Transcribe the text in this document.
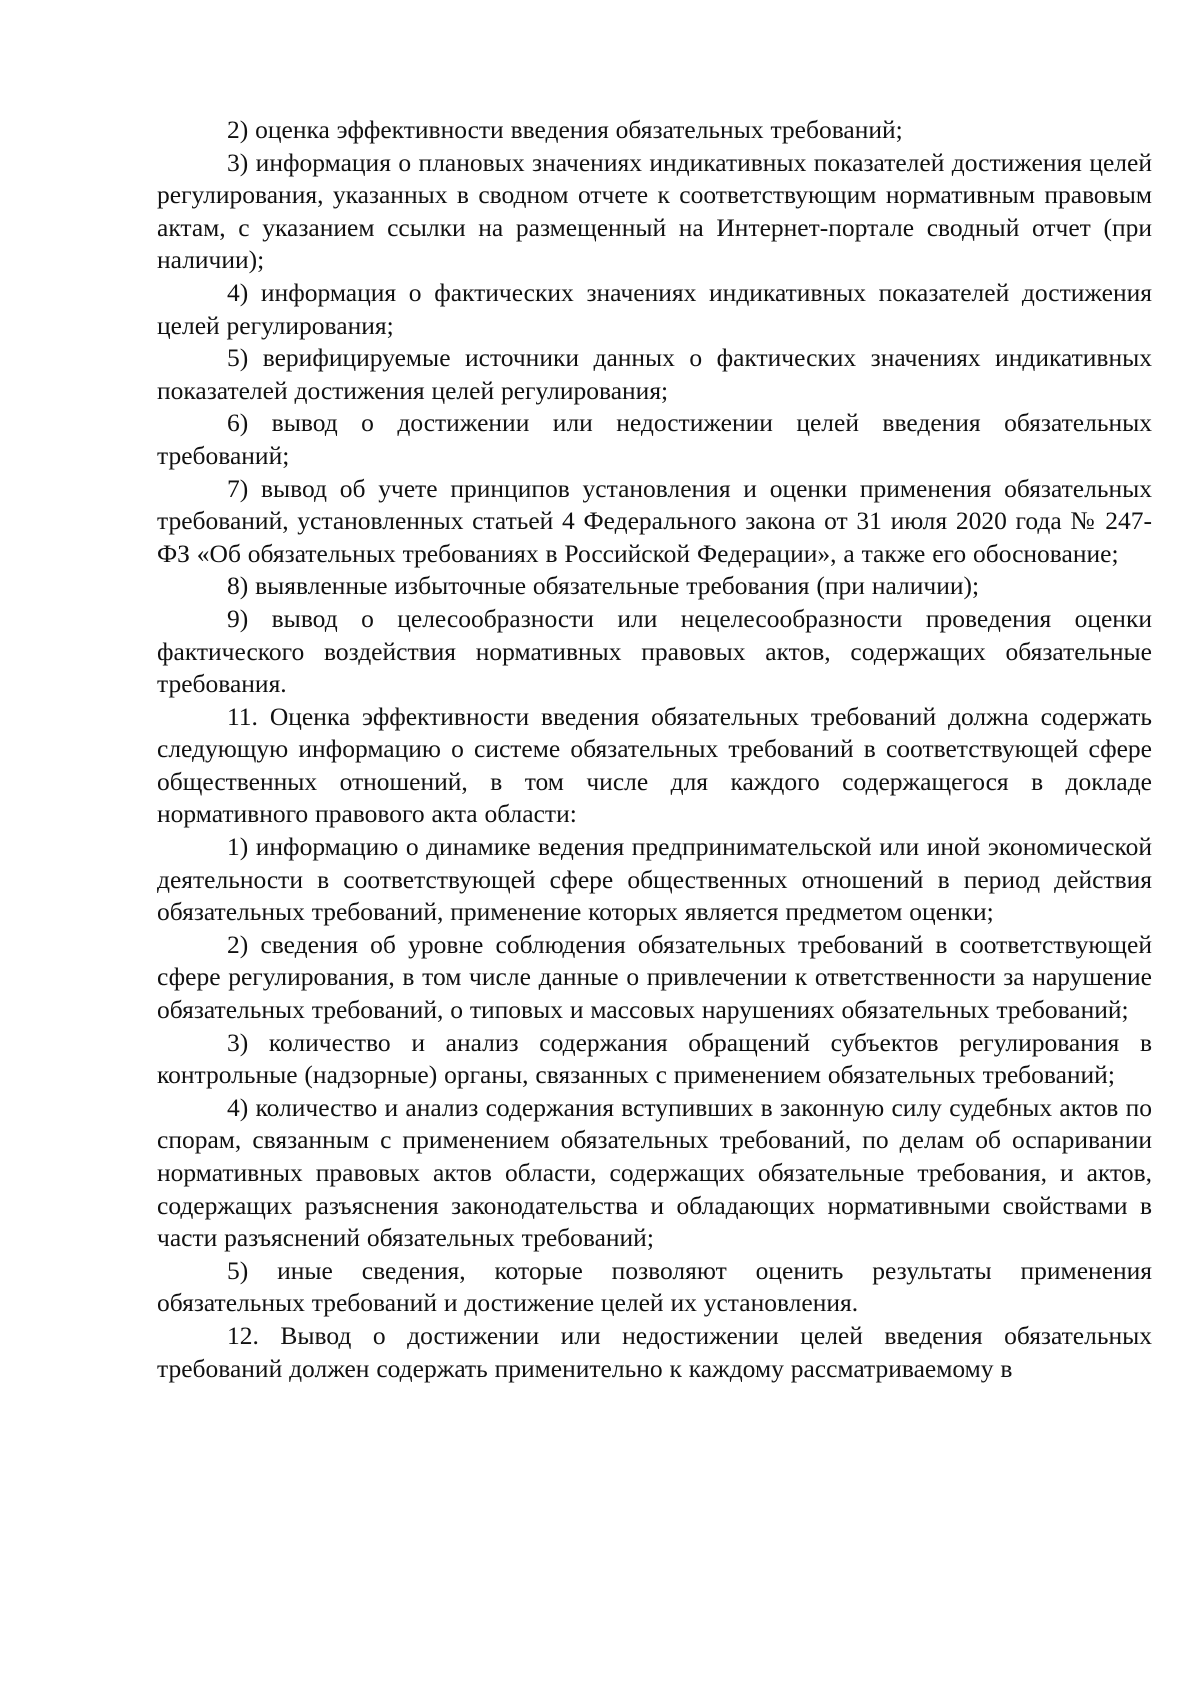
2) оценка эффективности введения обязательных требований;

3) информация о плановых значениях индикативных показателей достижения целей регулирования, указанных в сводном отчете к соответствующим нормативным правовым актам, с указанием ссылки на размещенный на Интернет-портале сводный отчет (при наличии);

4) информация о фактических значениях индикативных показателей достижения целей регулирования;

5) верифицируемые источники данных о фактических значениях индикативных показателей достижения целей регулирования;

6) вывод о достижении или недостижении целей введения обязательных требований;

7) вывод об учете принципов установления и оценки применения обязательных требований, установленных статьей 4 Федерального закона от 31 июля 2020 года № 247-ФЗ «Об обязательных требованиях в Российской Федерации», а также его обоснование;

8) выявленные избыточные обязательные требования (при наличии);

9) вывод о целесообразности или нецелесообразности проведения оценки фактического воздействия нормативных правовых актов, содержащих обязательные требования.

11. Оценка эффективности введения обязательных требований должна содержать следующую информацию о системе обязательных требований в соответствующей сфере общественных отношений, в том числе для каждого содержащегося в докладе нормативного правового акта области:

1) информацию о динамике ведения предпринимательской или иной экономической деятельности в соответствующей сфере общественных отношений в период действия обязательных требований, применение которых является предметом оценки;

2) сведения об уровне соблюдения обязательных требований в соответствующей сфере регулирования, в том числе данные о привлечении к ответственности за нарушение обязательных требований, о типовых и массовых нарушениях обязательных требований;

3) количество и анализ содержания обращений субъектов регулирования в контрольные (надзорные) органы, связанных с применением обязательных требований;

4) количество и анализ содержания вступивших в законную силу судебных актов по спорам, связанным с применением обязательных требований, по делам об оспаривании нормативных правовых актов области, содержащих обязательные требования, и актов, содержащих разъяснения законодательства и обладающих нормативными свойствами в части разъяснений обязательных требований;

5) иные сведения, которые позволяют оценить результаты применения обязательных требований и достижение целей их установления.

12. Вывод о достижении или недостижении целей введения обязательных требований должен содержать применительно к каждому рассматриваемому в
